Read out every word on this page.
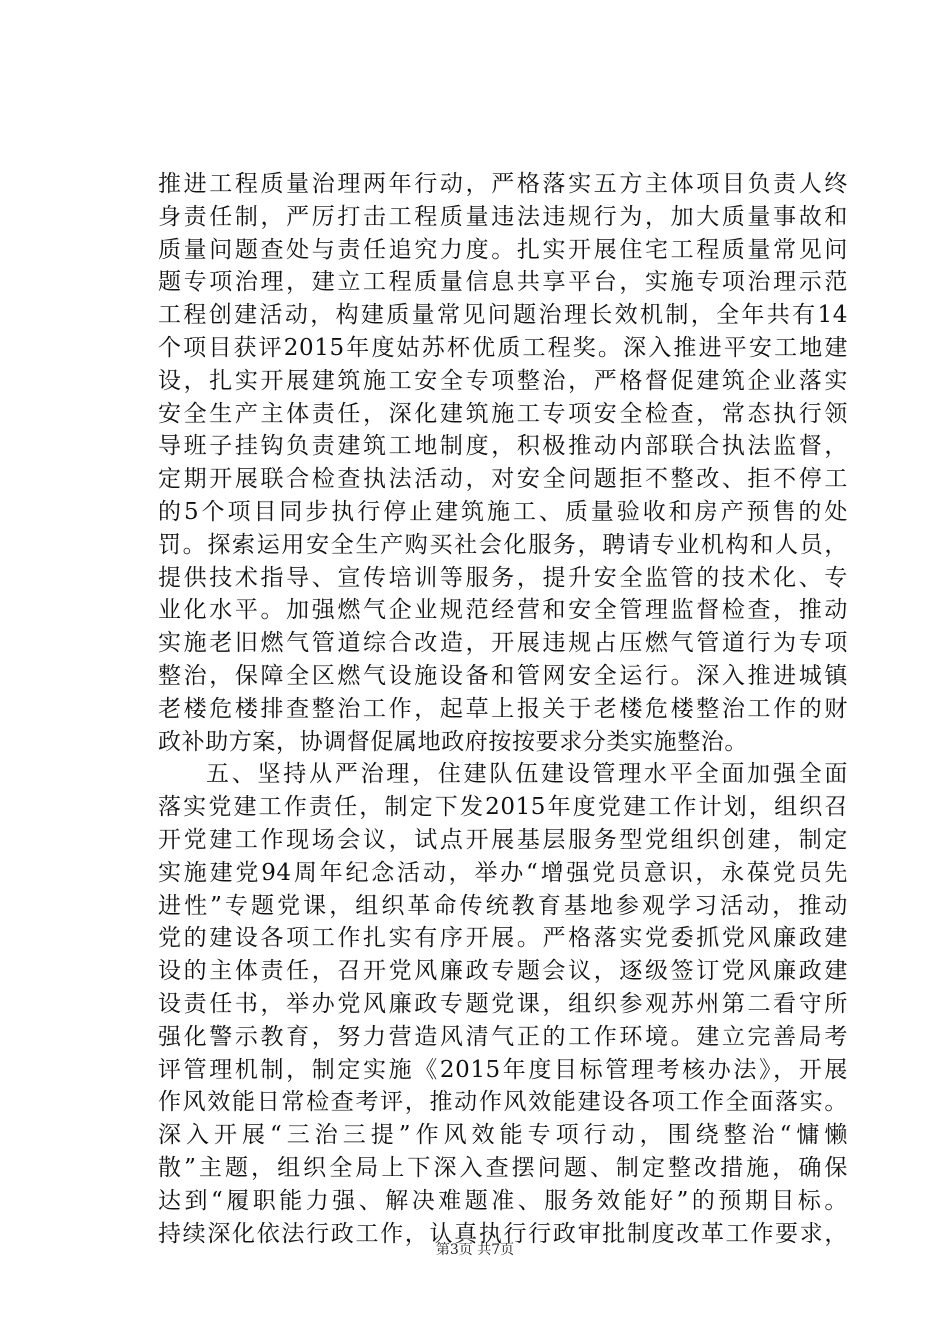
推进工程质量治理两年行动，严格落实五方主体项目负责人终
身责任制，严厉打击工程质量违法违规行为，加大质量事故和
质量问题查处与责任追究力度。扎实开展住宅工程质量常见问
题专项治理，建立工程质量信息共享平台，实施专项治理示范
工程创建活动，构建质量常见问题治理长效机制，全年共有14
个项目获评2015年度姑苏杯优质工程奖。深入推进平安工地建
设，扎实开展建筑施工安全专项整治，严格督促建筑企业落实
安全生产主体责任，深化建筑施工专项安全检查，常态执行领
导班子挂钩负责建筑工地制度，积极推动内部联合执法监督，
定期开展联合检查执法活动，对安全问题拒不整改、拒不停工
的5个项目同步执行停止建筑施工、质量验收和房产预售的处
罚。探索运用安全生产购买社会化服务，聘请专业机构和人员，
提供技术指导、宣传培训等服务，提升安全监管的技术化、专
业化水平。加强燃气企业规范经营和安全管理监督检查，推动
实施老旧燃气管道综合改造，开展违规占压燃气管道行为专项
整治，保障全区燃气设施设备和管网安全运行。深入推进城镇
老楼危楼排查整治工作，起草上报关于老楼危楼整治工作的财
政补助方案，协调督促属地政府按按要求分类实施整治。
五、坚持从严治理，住建队伍建设管理水平全面加强全面
落实党建工作责任，制定下发2015年度党建工作计划，组织召
开党建工作现场会议，试点开展基层服务型党组织创建，制定
实施建党94周年纪念活动，举办“增强党员意识，永葆党员先
进性”专题党课，组织革命传统教育基地参观学习活动，推动
党的建设各项工作扎实有序开展。严格落实党委抓党风廉政建
设的主体责任，召开党风廉政专题会议，逐级签订党风廉政建
设责任书，举办党风廉政专题党课，组织参观苏州第二看守所
强化警示教育，努力营造风清气正的工作环境。建立完善局考
评管理机制，制定实施《2015年度目标管理考核办法》，开展
作风效能日常检查考评，推动作风效能建设各项工作全面落实。
深入开展“三治三提”作风效能专项行动，围绕整治“慵懒
散”主题，组织全局上下深入查摆问题、制定整改措施，确保
达到“履职能力强、解决难题准、服务效能好”的预期目标。
持续深化依法行政工作，认真执行行政审批制度改革工作要求，
第3页 共7页
